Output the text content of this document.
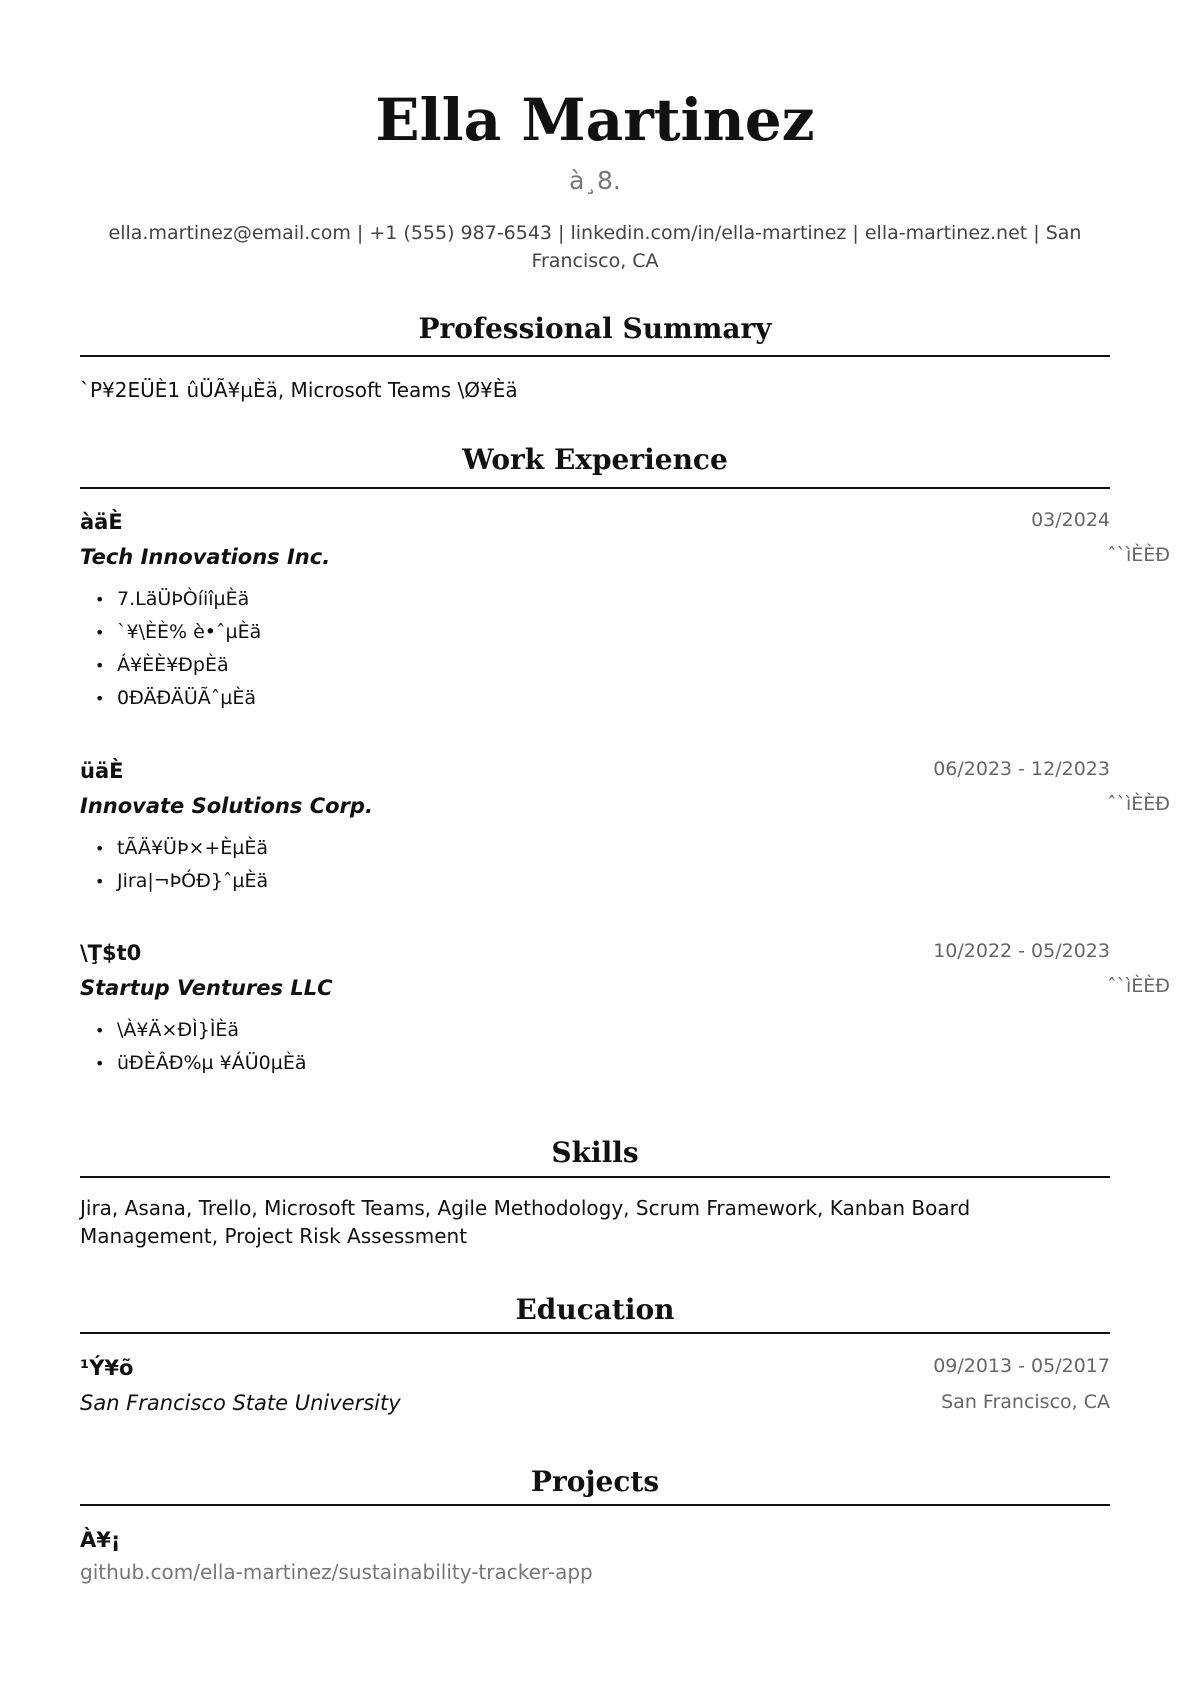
Ella Martinez
à¸8.
ella.martinez@email.com | +1 (555) 987-6543 | linkedin.com/in/ella-martinez | ella-martinez.net | San Francisco, CA
Professional Summary
`Р¥2ЕÜÈ1 ûÜÃ¥µÈä, Microsoft Teams \Ø¥Èä
Work Experience
àäÈ	03/2024
Tech Innovations Inc.	ˆ`ìÈÈÐ
• 7.LäÜÞÒíiîµÈä
• `¥\ÈÈ% è•ˆµÈä
• Á¥ÈÈ¥ÐpÈä
• 0ÐÄÐÄÜÃˆµÈä
üäÈ	06/2023 - 12/2023
Innovate Solutions Corp.	ˆ`ìÈÈÐ
• tÃÄ¥ÜÞ×+ÈµÈä
• Jira|¬ÞÓÐ}ˆµÈä
\Ţ$t0	10/2022 - 05/2023
Startup Ventures LLC	ˆ`ìÈÈÐ
• \À¥Ä×ÐÌ}ÌÈä
• üÐÈÂÐ%µ ¥ÁÜ0µÈä
Skills
Jira, Asana, Trello, Microsoft Teams, Agile Methodology, Scrum Framework, Kanban Board Management, Project Risk Assessment
Education
¹Ý¥õ	09/2013 - 05/2017
San Francisco State University	San Francisco, CA
Projects
À¥¡
github.com/ella-martinez/sustainability-tracker-app
